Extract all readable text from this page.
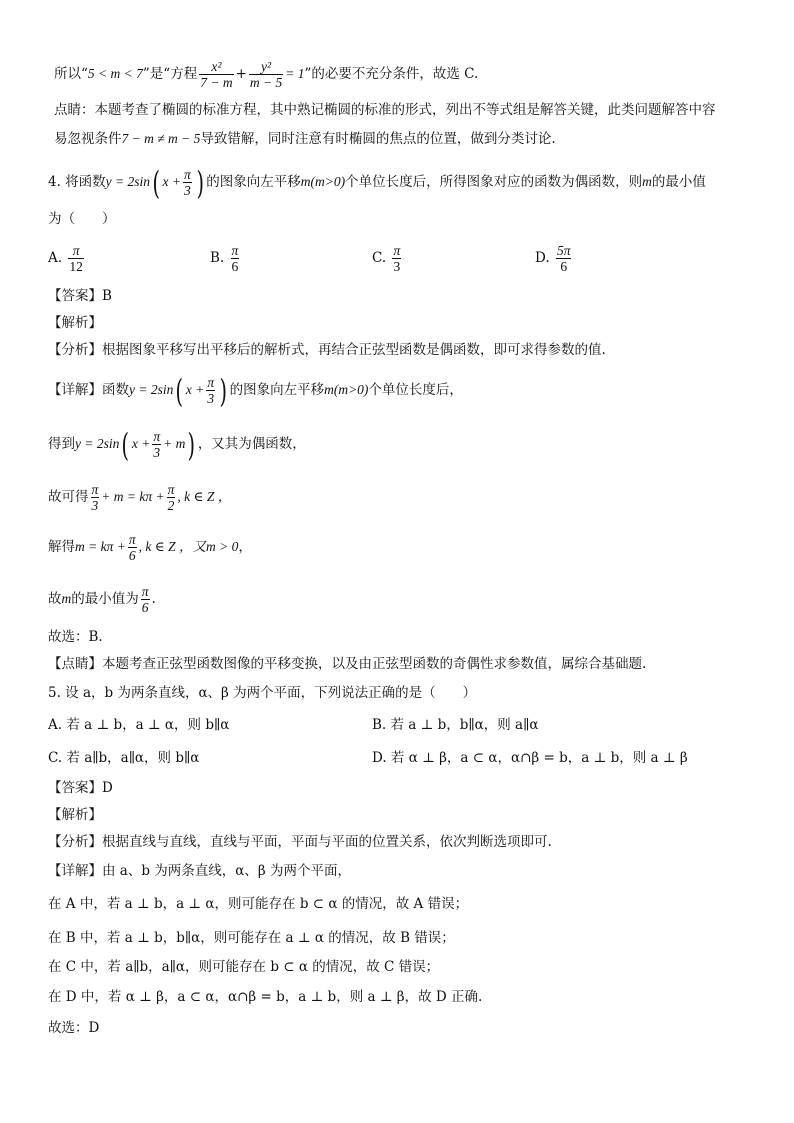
所以“5 < m < 7”是“方程 $\frac{\text{x²}}{7 - m} + \frac{\text{y²}}{m - 5} = 1$”的必要不充分条件，故选 C.
点睛：本题考查了椭圆的标准方程，其中熟记椭圆的标准的形式，列出不等式组是解答关键，此类问题解答中容
易忽视条件7 − m ≠ m − 5导致错解，同时注意有时椭圆的焦点的位置，做到分类讨论.
4. 将函数y = 2sin( $x + \frac{\pi}{3}$ ) 的图象向左平移m(m>0)个单位长度后，所得图象对应的函数为偶函数，则m的最小值
为（　　）
A. $\frac{\pi}{12}$	B. $\frac{\pi}{6}$	C. $\frac{\pi}{3}$	D. $\frac{5\pi}{6}$
【答案】B
【解析】
【分析】根据图象平移写出平移后的解析式，再结合正弦型函数是偶函数，即可求得参数的值.
【详解】函数y = 2sin( $x + \frac{\pi}{3}$ ) 的图象向左平移m(m>0)个单位长度后，
得到y = 2sin( $x + \frac{\pi}{3} + m$) ，又其为偶函数，
故可得 $\frac{\pi}{3} + m = k\pi + \frac{\pi}{2}$ , k ∈ Z ，
解得$m = k\pi + \frac{\pi}{6}$ , k ∈ Z ，又m > 0，
故m的最小值为 $\frac{\pi}{6}$ .
故选：B.
【点睛】本题考查正弦型函数图像的平移变换，以及由正弦型函数的奇偶性求参数值，属综合基础题.
5. 设 a，b 为两条直线，α、β 为两个平面，下列说法正确的是（　　）
A. 若 a ⊥ b，a ⊥ α，则 b∥α	B. 若 a ⊥ b，b∥α，则 a∥α
C. 若 a∥b，a∥α，则 b∥α	D. 若 α ⊥ β，a ⊂ α，α∩β = b，a ⊥ b，则 a ⊥ β
【答案】D
【解析】
【分析】根据直线与直线，直线与平面，平面与平面的位置关系，依次判断选项即可.
【详解】由 a、b 为两条直线，α、β 为两个平面，
在 A 中，若 a ⊥ b，a ⊥ α，则可能存在 b ⊂ α 的情况，故 A 错误；
在 B 中，若 a ⊥ b，b∥α，则可能存在 a ⊥ α 的情况，故 B 错误；
在 C 中，若 a∥b，a∥α，则可能存在 b ⊂ α 的情况，故 C 错误；
在 D 中，若 α ⊥ β，a ⊂ α，α∩β = b，a ⊥ b，则 a ⊥ β，故 D 正确.
故选：D
